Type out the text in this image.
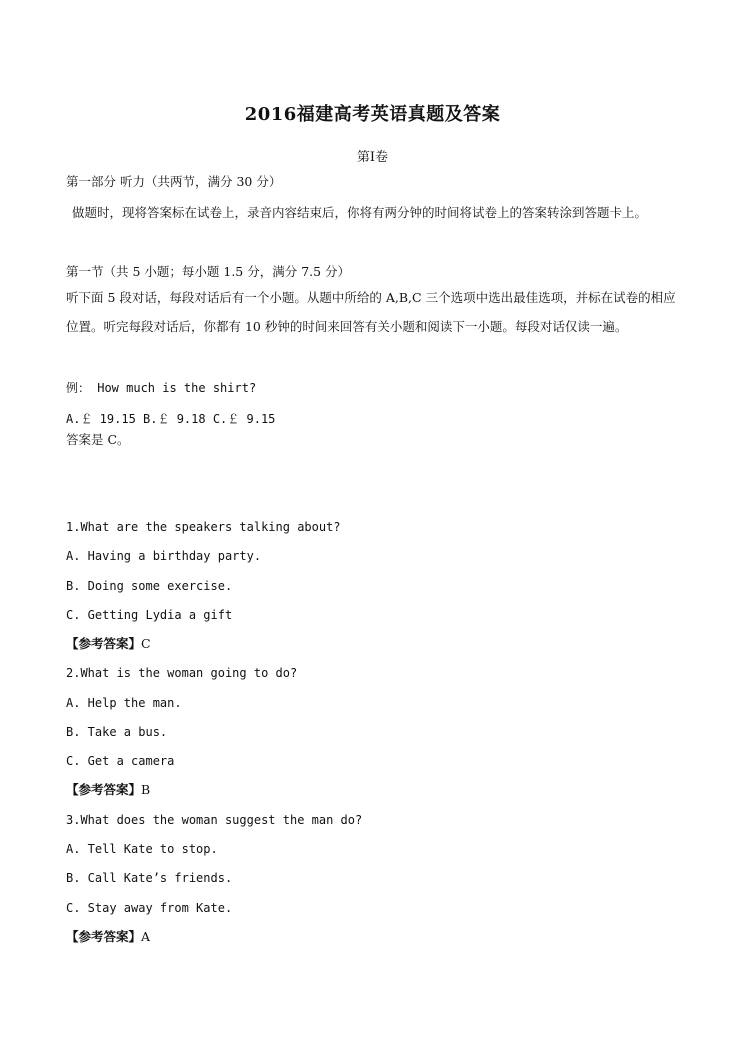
2016福建高考英语真题及答案
第Ⅰ卷
第一部分 听力（共两节，满分 30 分）
做题时，现将答案标在试卷上，录音内容结束后，你将有两分钟的时间将试卷上的答案转涂到答题卡上。
第一节（共 5 小题；每小题 1.5 分，满分 7.5 分）
听下面 5 段对话，每段对话后有一个小题。从题中所给的 A,B,C 三个选项中选出最佳选项，并标在试卷的相应位置。听完每段对话后，你都有 10 秒钟的时间来回答有关小题和阅读下一小题。每段对话仅读一遍。
例： How much is the shirt?
A.￡ 19.15 B.￡ 9.18 C.￡ 9.15
答案是 C。
1.What are the speakers talking about?
A. Having a birthday party.
B. Doing some exercise.
C. Getting Lydia a gift
【参考答案】C
2.What is the woman going to do?
A. Help the man.
B. Take a bus.
C. Get a camera
【参考答案】B
3.What does the woman suggest the man do?
A. Tell Kate to stop.
B. Call Kate’s friends.
C. Stay away from Kate.
【参考答案】A
